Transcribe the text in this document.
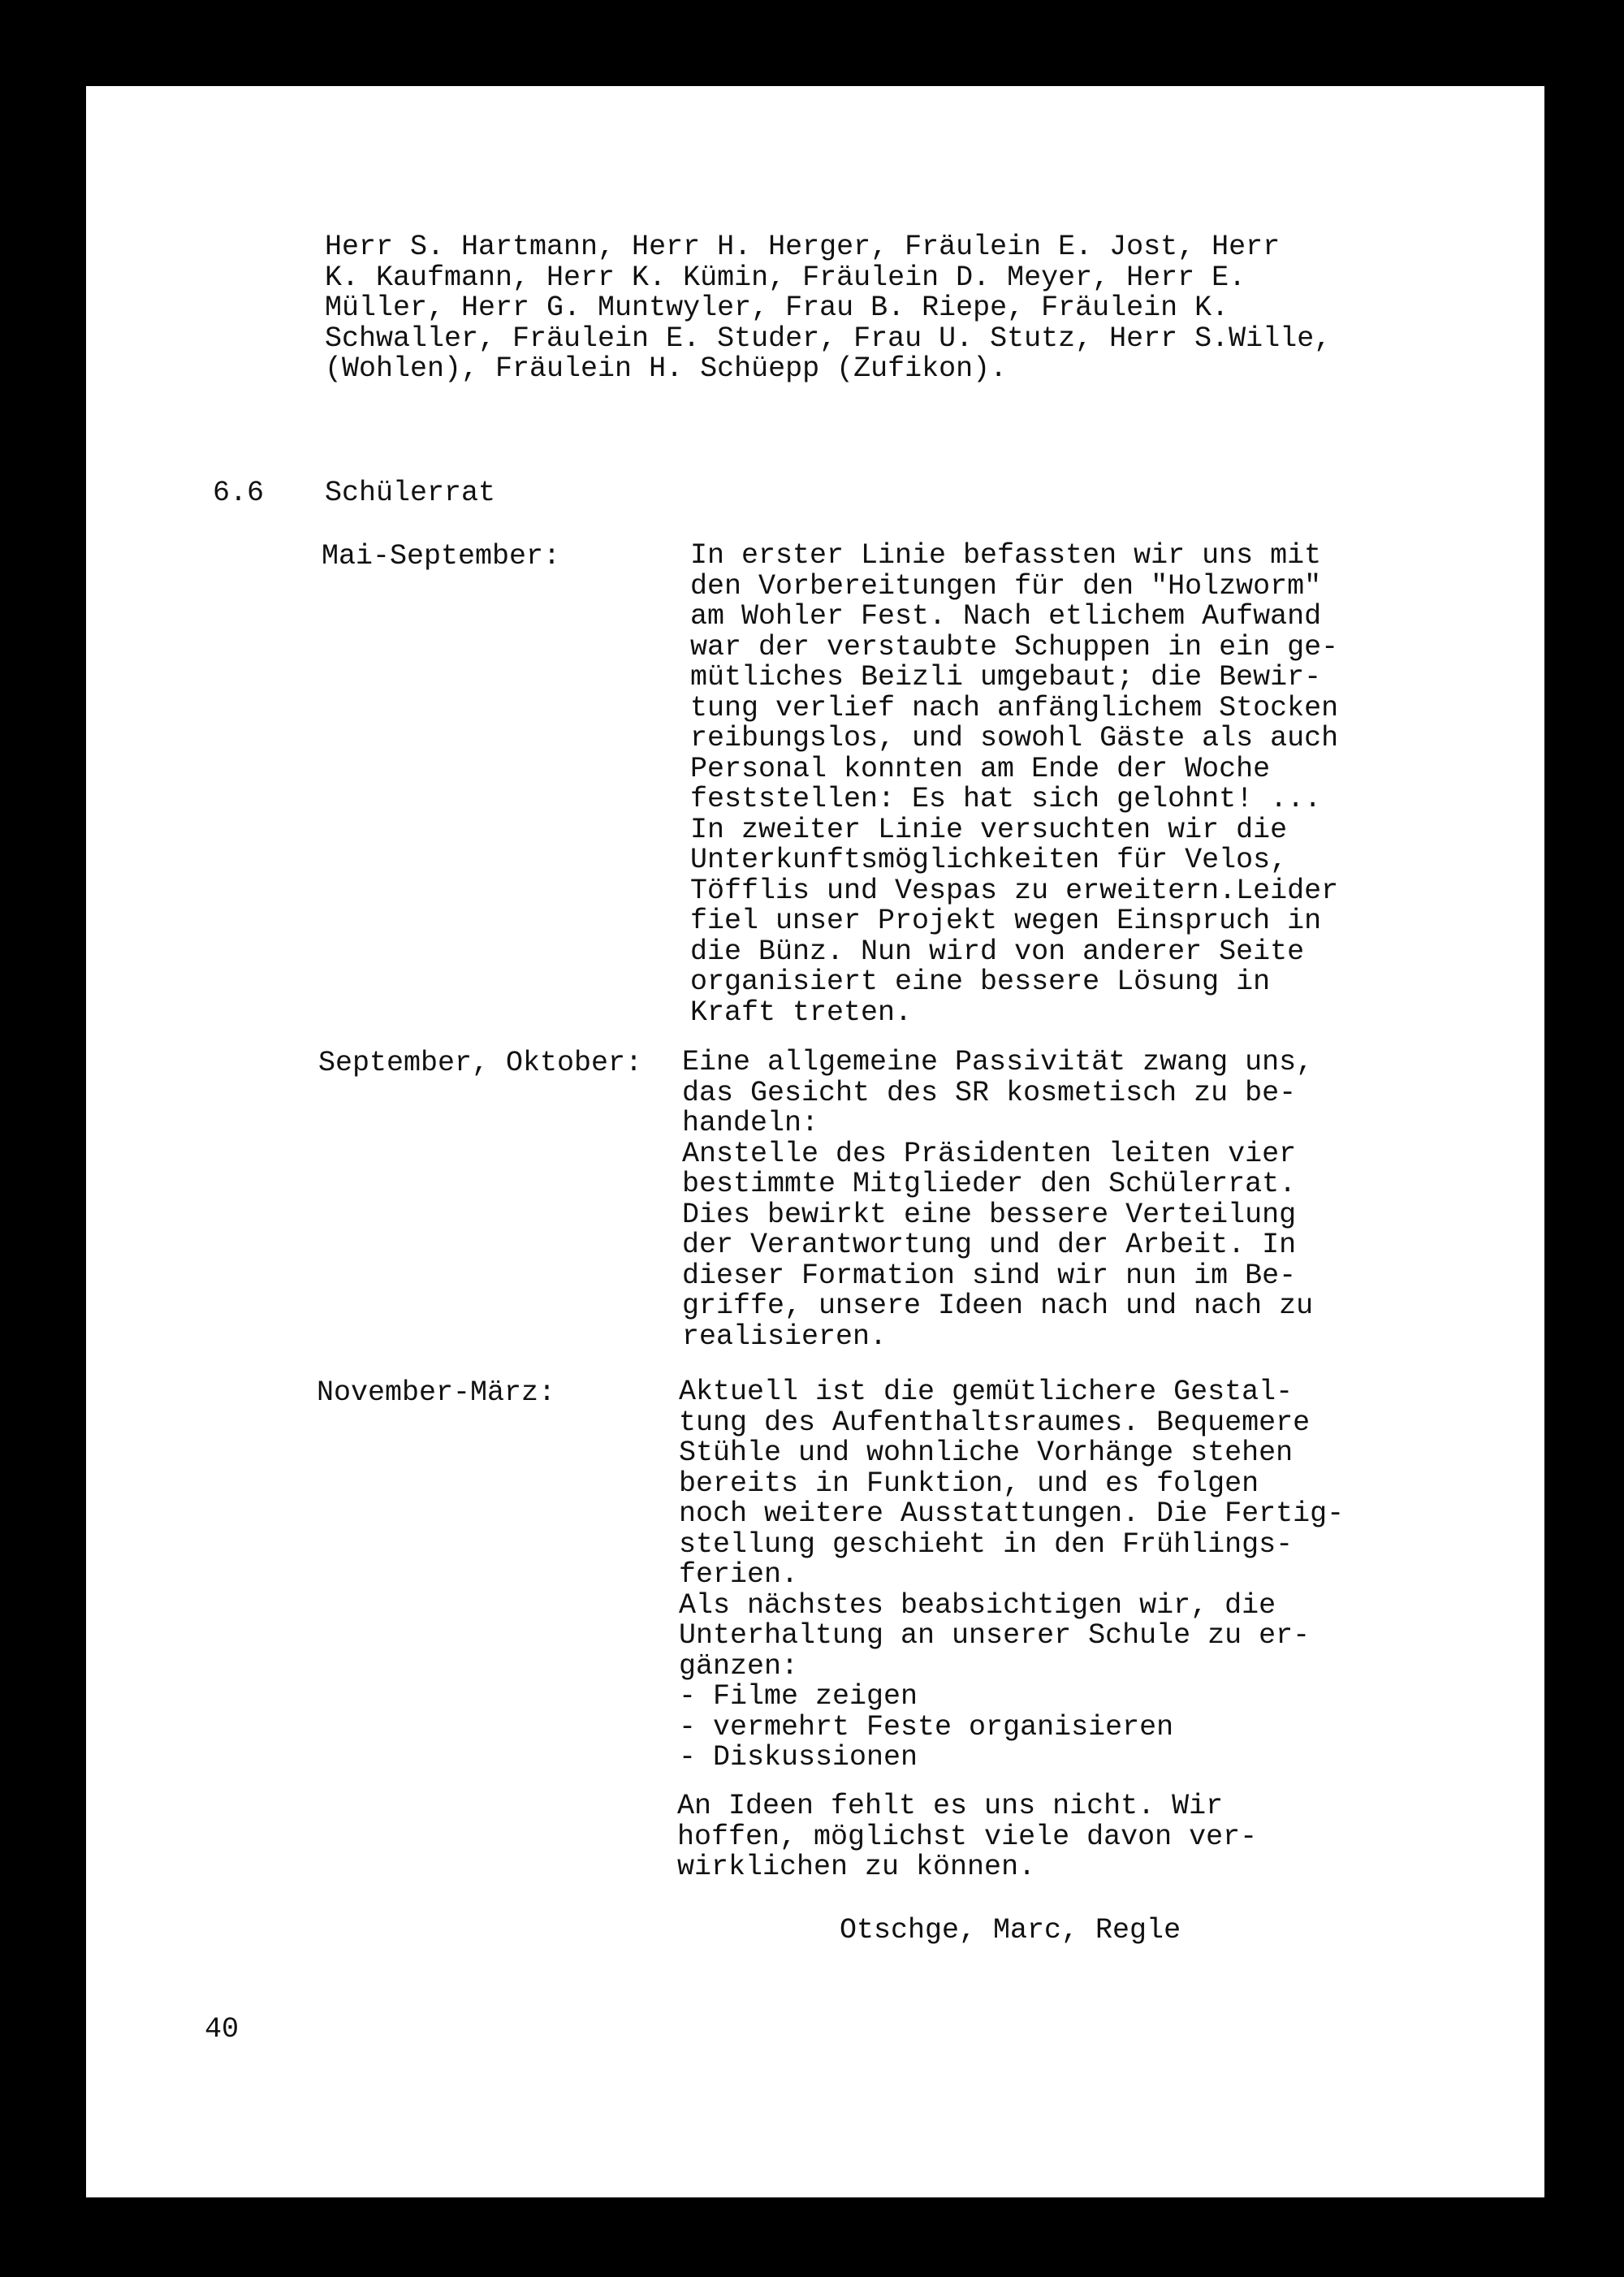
Herr S. Hartmann, Herr H. Herger, Fräulein E. Jost, Herr
K. Kaufmann, Herr K. Kümin, Fräulein D. Meyer, Herr E.
Müller, Herr G. Muntwyler, Frau B. Riepe, Fräulein K.
Schwaller, Fräulein E. Studer, Frau U. Stutz, Herr S.Wille,
(Wohlen), Fräulein H. Schüepp (Zufikon).
6.6 Schülerrat
Mai-September:	In erster Linie befassten wir uns mit
den Vorbereitungen für den "Holzworm"
am Wohler Fest. Nach etlichem Aufwand
war der verstaubte Schuppen in ein ge-
mütliches Beizli umgebaut; die Bewir-
tung verlief nach anfänglichem Stocken
reibungslos, und sowohl Gäste als auch
Personal konnten am Ende der Woche
feststellen: Es hat sich gelohnt! ...
In zweiter Linie versuchten wir die
Unterkunftsmöglichkeiten für Velos,
Töfflis und Vespas zu erweitern.Leider
fiel unser Projekt wegen Einspruch in
die Bünz. Nun wird von anderer Seite
organisiert eine bessere Lösung in
Kraft treten.
September, Oktober: Eine allgemeine Passivität zwang uns,
das Gesicht des SR kosmetisch zu be-
handeln:
Anstelle des Präsidenten leiten vier
bestimmte Mitglieder den Schülerrat.
Dies bewirkt eine bessere Verteilung
der Verantwortung und der Arbeit. In
dieser Formation sind wir nun im Be-
griffe, unsere Ideen nach und nach zu
realisieren.
November-März:	Aktuell ist die gemütlichere Gestal-
tung des Aufenthaltsraumes. Bequemere
Stühle und wohnliche Vorhänge stehen
bereits in Funktion, und es folgen
noch weitere Ausstattungen. Die Fertig-
stellung geschieht in den Frühlings-
ferien.
Als nächstes beabsichtigen wir, die
Unterhaltung an unserer Schule zu er-
gänzen:
- Filme zeigen
- vermehrt Feste organisieren
- Diskussionen
An Ideen fehlt es uns nicht. Wir
hoffen, möglichst viele davon ver-
wirklichen zu können.
Otschge, Marc, Regle
40
